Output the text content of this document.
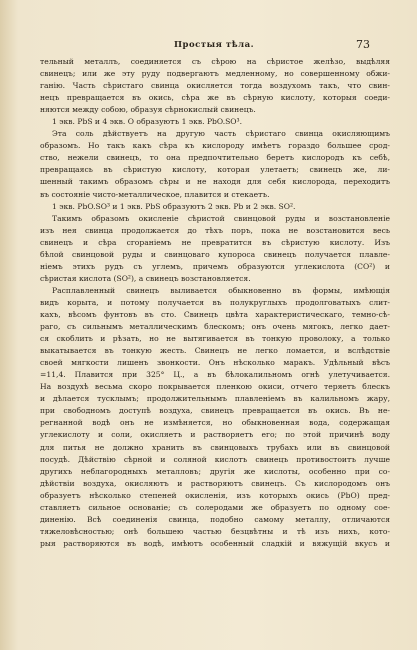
Простыя тѣла.	73
тельный металлъ, соединяется съ сѣрою на сѣристое желѣзо, выдѣляя
свинецъ; или же эту руду подвергаютъ медленному, но совершенному обжи-
ганію. Часть сѣристаго свинца окисляется тогда воздухомъ такъ, что свин-
нецъ превращается въ окись, сѣра же въ сѣрную кислоту, которыя соеди-
няются между собою, образуя сѣрнокислый свинецъ.
1 экв. PbS и 4 экв. O образуютъ 1 экв. PbO.SO³.
Эта соль дѣйствуетъ на другую часть сѣристаго свинца окисляющимъ
образомъ. Но такъ какъ сѣра къ кислороду имѣетъ гораздо большее срод-
ство, нежели свинецъ, то она предпочтительно беретъ кислородъ къ себѣ,
превращаясь въ сѣристую кислоту, которая улетаетъ; свинецъ же, ли-
шенный такимъ образомъ сѣры и не находя для себя кислорода, переходитъ
въ состояніе чисто-металлическое, плавится и стекаетъ.
1 экв. PbO.SO³ и 1 экв. PbS образуютъ 2 экв. Pb и 2 экв. SO².
Такимъ образомъ окисленіе сѣристой свинцовой руды и возстановленіе
изъ нея свинца продолжается до тѣхъ поръ, пока не возстановится весь
свинецъ и сѣра сгоранiемъ не превратится въ сѣристую кислоту. Изъ
бѣлой свинцовой руды и свинцоваго купороса свинецъ получается плавле-
ніемъ этихъ рудъ съ углемъ, причемъ образуются углекислота (CO²) и
сѣристая кислота (SO²), а свинецъ возстановляется.
Расплавленный свинецъ выливается обыкновенно въ формы, имѣющія
видъ корыта, и потому получается въ полукруглыхъ продолговатыхъ слит-
кахъ, вѣсомъ фунтовъ въ сто. Свинецъ цвѣта характеристическаго, темно-сѣ-
раго, съ сильнымъ металлическимъ блескомъ; онъ очень мягокъ, легко дает-
ся скоблить и рѣзать, но не вытягивается въ тонкую проволоку, а только
выкатывается въ тонкую жесть. Свинецъ не легко ломается, и вслѣдствіе
своей мягкости лишенъ звонкости. Онъ нѣсколько маракъ. Удѣльный вѣсъ
=11,4. Плавится при 325° Ц., а въ бѣлокалильномъ огнѣ улетучивается.
На воздухѣ весьма скоро покрывается пленкою окиси, отчего теряетъ блескъ
и дѣлается тусклымъ; продолжительнымъ плавленіемъ въ калильномъ жару,
при свободномъ доступѣ воздуха, свинецъ превращается въ окись. Въ не-
регнанной водѣ онъ не измѣняется, но обыкновенная вода, содержащая
углекислоту и соли, окисляетъ и растворяетъ его; по этой причинѣ воду
для питья не должно хранить въ свинцовыхъ трубахъ или въ свинцовой
посудѣ. Дѣйствію сѣрной и соляной кислотъ свинецъ противостоитъ лучше
другихъ неблагородныхъ металловъ; другія же кислоты, особенно при со-
дѣйствіи воздуха, окисляютъ и растворяютъ свинецъ. Съ кислородомъ онъ
образуетъ нѣсколько степеней окисленія, изъ которыхъ окись (PbO) пред-
ставляетъ сильное основаніе; съ солеродами же образуетъ по одному сое-
диненію. Всѣ соединенія свинца, подобно самому металлу, отличаются
тяжеловѣсностью; онѣ большею частью безцвѣтны и тѣ изъ нихъ, кото-
рыя растворяются въ водѣ, имѣютъ особенный сладкій и вяжущій вкусъ и
